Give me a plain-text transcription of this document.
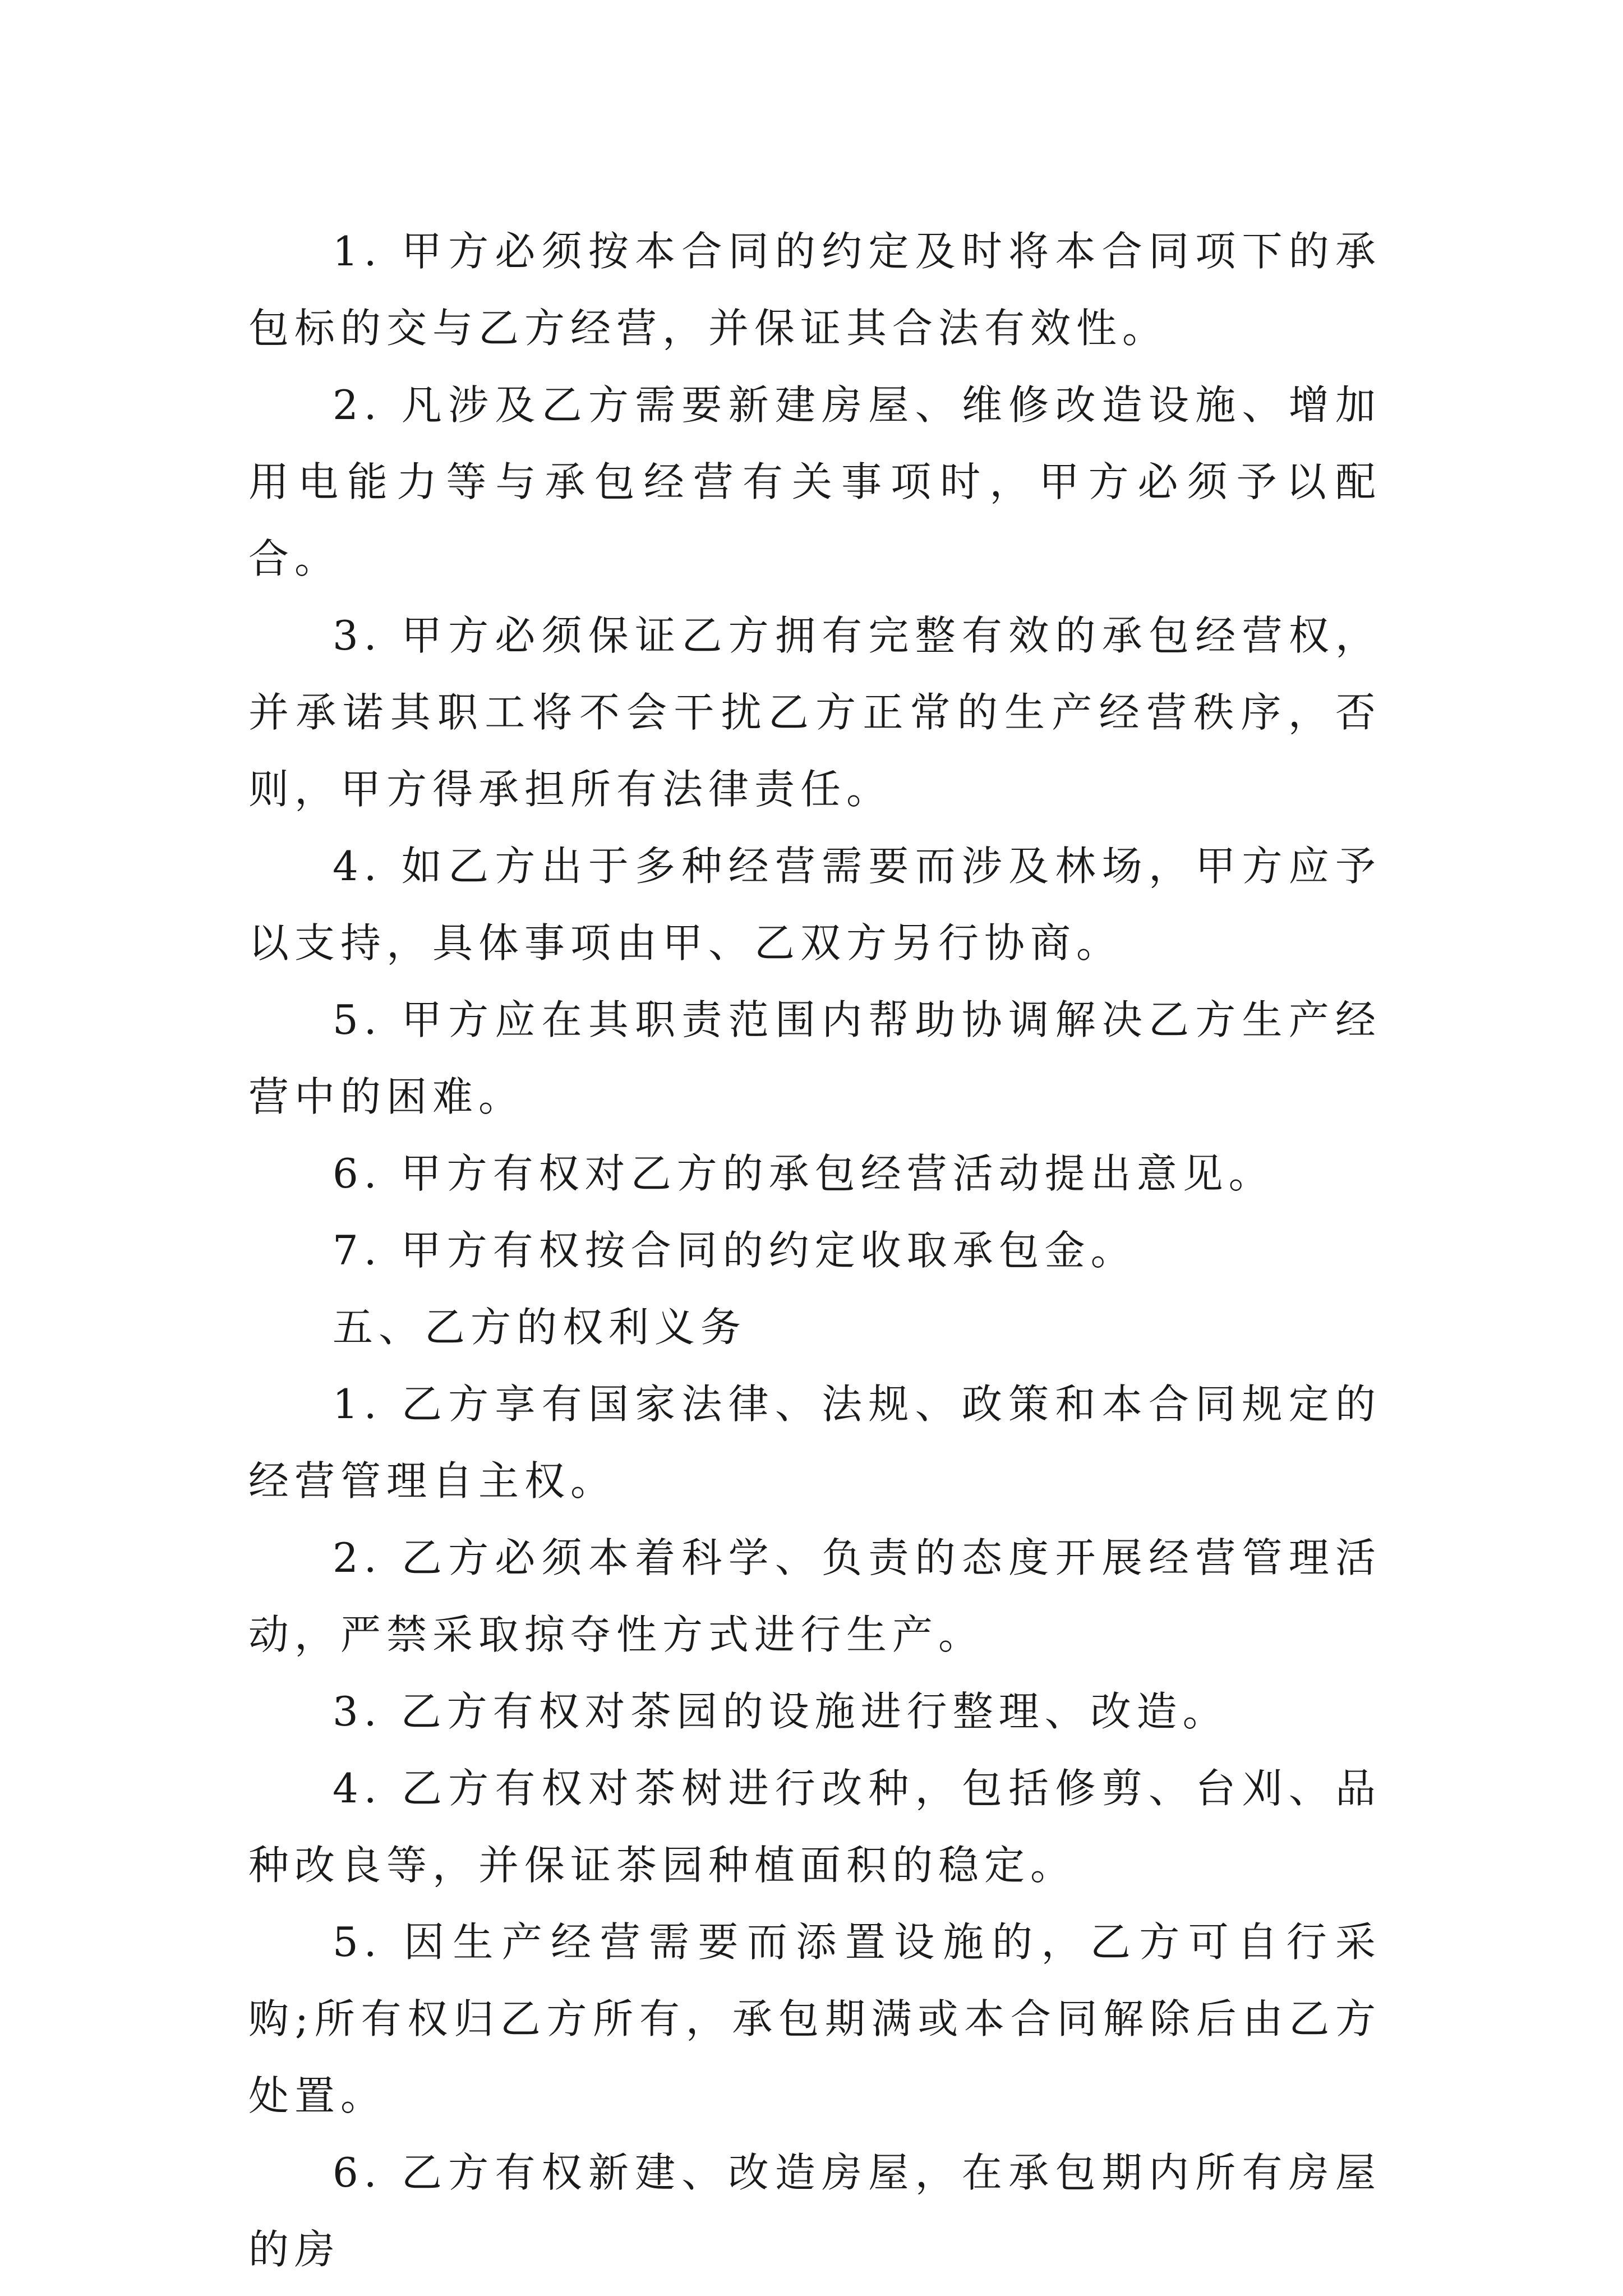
1. 甲方必须按本合同的约定及时将本合同项下的承包标的交与乙方经营，并保证其合法有效性。

2. 凡涉及乙方需要新建房屋、维修改造设施、增加用电能力等与承包经营有关事项时，甲方必须予以配合。

3. 甲方必须保证乙方拥有完整有效的承包经营权，并承诺其职工将不会干扰乙方正常的生产经营秩序，否则，甲方得承担所有法律责任。

4. 如乙方出于多种经营需要而涉及林场，甲方应予以支持，具体事项由甲、乙双方另行协商。

5. 甲方应在其职责范围内帮助协调解决乙方生产经营中的困难。

6. 甲方有权对乙方的承包经营活动提出意见。

7. 甲方有权按合同的约定收取承包金。

五、乙方的权利义务

1. 乙方享有国家法律、法规、政策和本合同规定的经营管理自主权。

2. 乙方必须本着科学、负责的态度开展经营管理活动，严禁采取掠夺性方式进行生产。

3. 乙方有权对茶园的设施进行整理、改造。

4. 乙方有权对茶树进行改种，包括修剪、台刈、品种改良等，并保证茶园种植面积的稳定。

5. 因生产经营需要而添置设施的，乙方可自行采购;所有权归乙方所有，承包期满或本合同解除后由乙方处置。

6. 乙方有权新建、改造房屋，在承包期内所有房屋的房
